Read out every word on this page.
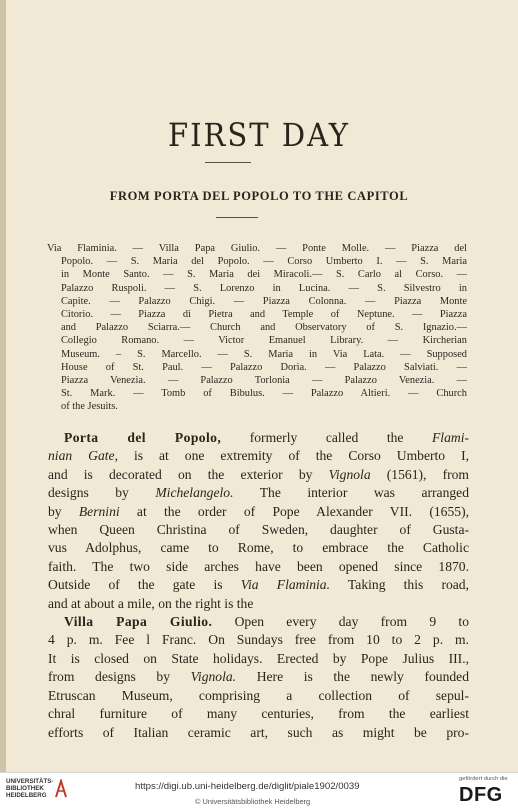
FIRST DAY
FROM PORTA DEL POPOLO TO THE CAPITOL
Via Flaminia. — Villa Papa Giulio. — Ponte Molle. — Piazza del
Popolo. — S. Maria del Popolo. — Corso Umberto I. — S. Maria
in Monte Santo. — S. Maria dei Miracoli.— S. Carlo al Corso. —
Palazzo Ruspoli. — S. Lorenzo in Lucina. — S. Silvestro in
Capite. — Palazzo Chigi. — Piazza Colonna. — Piazza Monte
Citorio. — Piazza di Pietra and Temple of Neptune. — Piazza
and Palazzo Sciarra.— Church and Observatory of S. Ignazio.—
Collegio Romano. — Victor Emanuel Library. — Kircherian
Museum. – S. Marcello. — S. Maria in Via Lata. — Supposed
House of St. Paul. — Palazzo Doria. — Palazzo Salviati. —
Piazza Venezia. — Palazzo Torlonia — Palazzo Venezia. —
St. Mark. — Tomb of Bibulus. — Palazzo Altieri. — Church
of the Jesuits.
Porta del Popolo, formerly called the Flami-
nian Gate, is at one extremity of the Corso Umberto I,
and is decorated on the exterior by Vignola (1561), from
designs by Michelangelo. The interior was arranged
by Bernini at the order of Pope Alexander VII. (1655),
when Queen Christina of Sweden, daughter of Gusta-
vus Adolphus, came to Rome, to embrace the Catholic
faith. The two side arches have been opened since 1870.
Outside of the gate is Via Flaminia. Taking this road,
and at about a mile, on the right is the
Villa Papa Giulio. Open every day from 9 to
4 p. m. Fee l Franc. On Sundays free from 10 to 2 p. m.
It is closed on State holidays. Erected by Pope Julius III.,
from designs by Vignola. Here is the newly founded
Etruscan Museum, comprising a collection of sepul-
chral furniture of many centuries, from the earliest
efforts of Italian ceramic art, such as might be pro-
UNIVERSITÄTS-
BIBLIOTHEK
HEIDELBERG
https://digi.ub.uni-heidelberg.de/diglit/piale1902/0039
© Universitätsbibliothek Heidelberg
gefördert durch die
DFG
